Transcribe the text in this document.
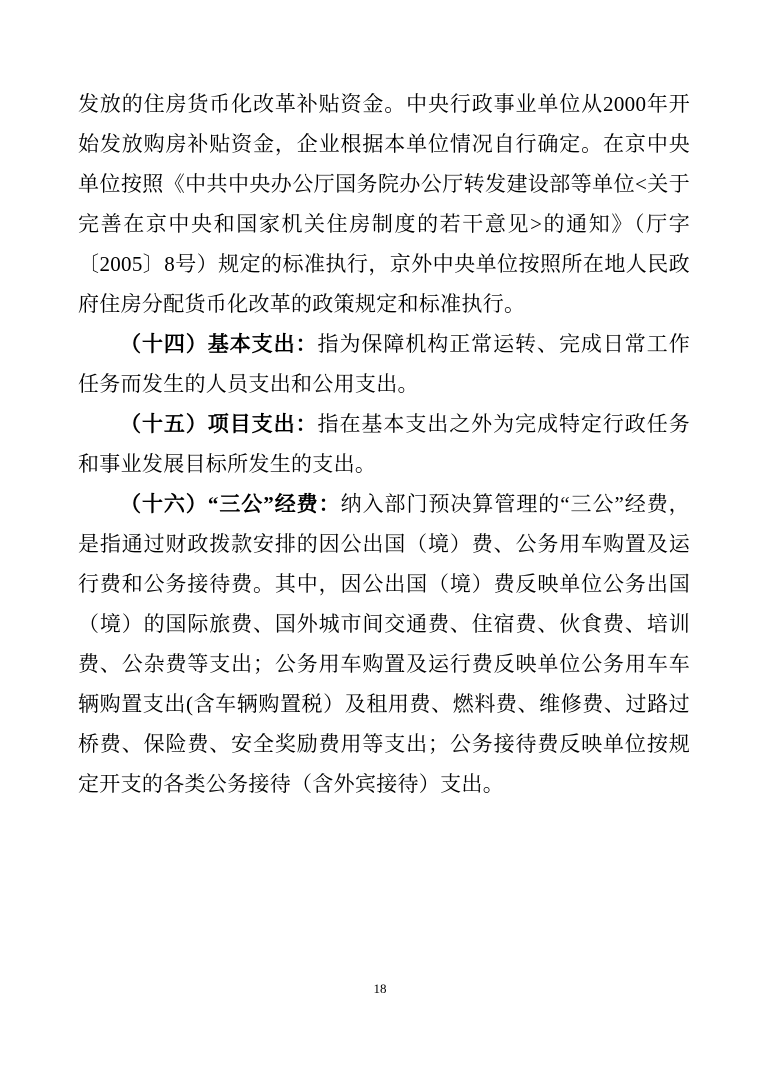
发放的住房货币化改革补贴资金。中央行政事业单位从2000年开始发放购房补贴资金，企业根据本单位情况自行确定。在京中央单位按照《中共中央办公厅国务院办公厅转发建设部等单位<关于完善在京中央和国家机关住房制度的若干意见>的通知》（厅字〔2005〕8号）规定的标准执行，京外中央单位按照所在地人民政府住房分配货币化改革的政策规定和标准执行。

（十四）基本支出：指为保障机构正常运转、完成日常工作任务而发生的人员支出和公用支出。

（十五）项目支出：指在基本支出之外为完成特定行政任务和事业发展目标所发生的支出。

（十六）“三公”经费：纳入部门预决算管理的“三公”经费，是指通过财政拨款安排的因公出国（境）费、公务用车购置及运行费和公务接待费。其中，因公出国（境）费反映单位公务出国（境）的国际旅费、国外城市间交通费、住宿费、伙食费、培训费、公杂费等支出；公务用车购置及运行费反映单位公务用车车辆购置支出(含车辆购置税）及租用费、燃料费、维修费、过路过桥费、保险费、安全奖励费用等支出；公务接待费反映单位按规定开支的各类公务接待（含外宾接待）支出。

18
